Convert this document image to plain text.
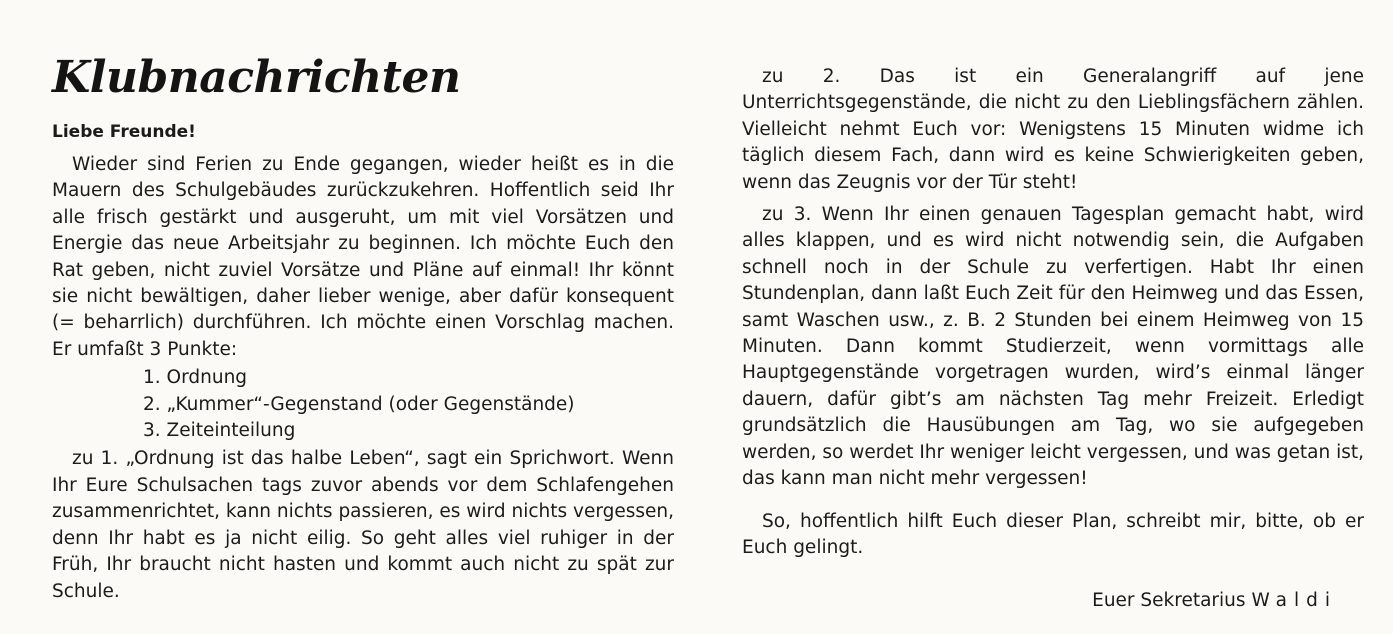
Klubnachrichten
Liebe Freunde!

Wieder sind Ferien zu Ende gegangen, wieder heißt es in die Mauern des Schulgebäudes zurückzukehren. Hoffentlich seid Ihr alle frisch gestärkt und ausgeruht, um mit viel Vorsätzen und Energie das neue Arbeitsjahr zu beginnen. Ich möchte Euch den Rat geben, nicht zuviel Vorsätze und Pläne auf einmal! Ihr könnt sie nicht bewältigen, daher lieber wenige, aber dafür konsequent (= beharrlich) durchführen. Ich möchte einen Vorschlag machen. Er umfaßt 3 Punkte:

1. Ordnung
2. „Kummer“-Gegenstand (oder Gegenstände)
3. Zeiteinteilung

zu 1. „Ordnung ist das halbe Leben“, sagt ein Sprichwort. Wenn Ihr Eure Schulsachen tags zuvor abends vor dem Schlafengehen zusammenrichtet, kann nichts passieren, es wird nichts vergessen, denn Ihr habt es ja nicht eilig. So geht alles viel ruhiger in der Früh, Ihr braucht nicht hasten und kommt auch nicht zu spät zur Schule.

zu 2. Das ist ein Generalangriff auf jene Unterrichtsgegenstände, die nicht zu den Lieblingsfächern zählen. Vielleicht nehmt Euch vor: Wenigstens 15 Minuten widme ich täglich diesem Fach, dann wird es keine Schwierigkeiten geben, wenn das Zeugnis vor der Tür steht!

zu 3. Wenn Ihr einen genauen Tagesplan gemacht habt, wird alles klappen, und es wird nicht notwendig sein, die Aufgaben schnell noch in der Schule zu verfertigen. Habt Ihr einen Stundenplan, dann laßt Euch Zeit für den Heimweg und das Essen, samt Waschen usw., z. B. 2 Stunden bei einem Heimweg von 15 Minuten. Dann kommt Studierzeit, wenn vormittags alle Hauptgegenstände vorgetragen wurden, wird’s einmal länger dauern, dafür gibt’s am nächsten Tag mehr Freizeit. Erledigt grundsätzlich die Hausübungen am Tag, wo sie aufgegeben werden, so werdet Ihr weniger leicht vergessen, und was getan ist, das kann man nicht mehr vergessen!

So, hoffentlich hilft Euch dieser Plan, schreibt mir, bitte, ob er Euch gelingt.

Euer Sekretarius Waldi
